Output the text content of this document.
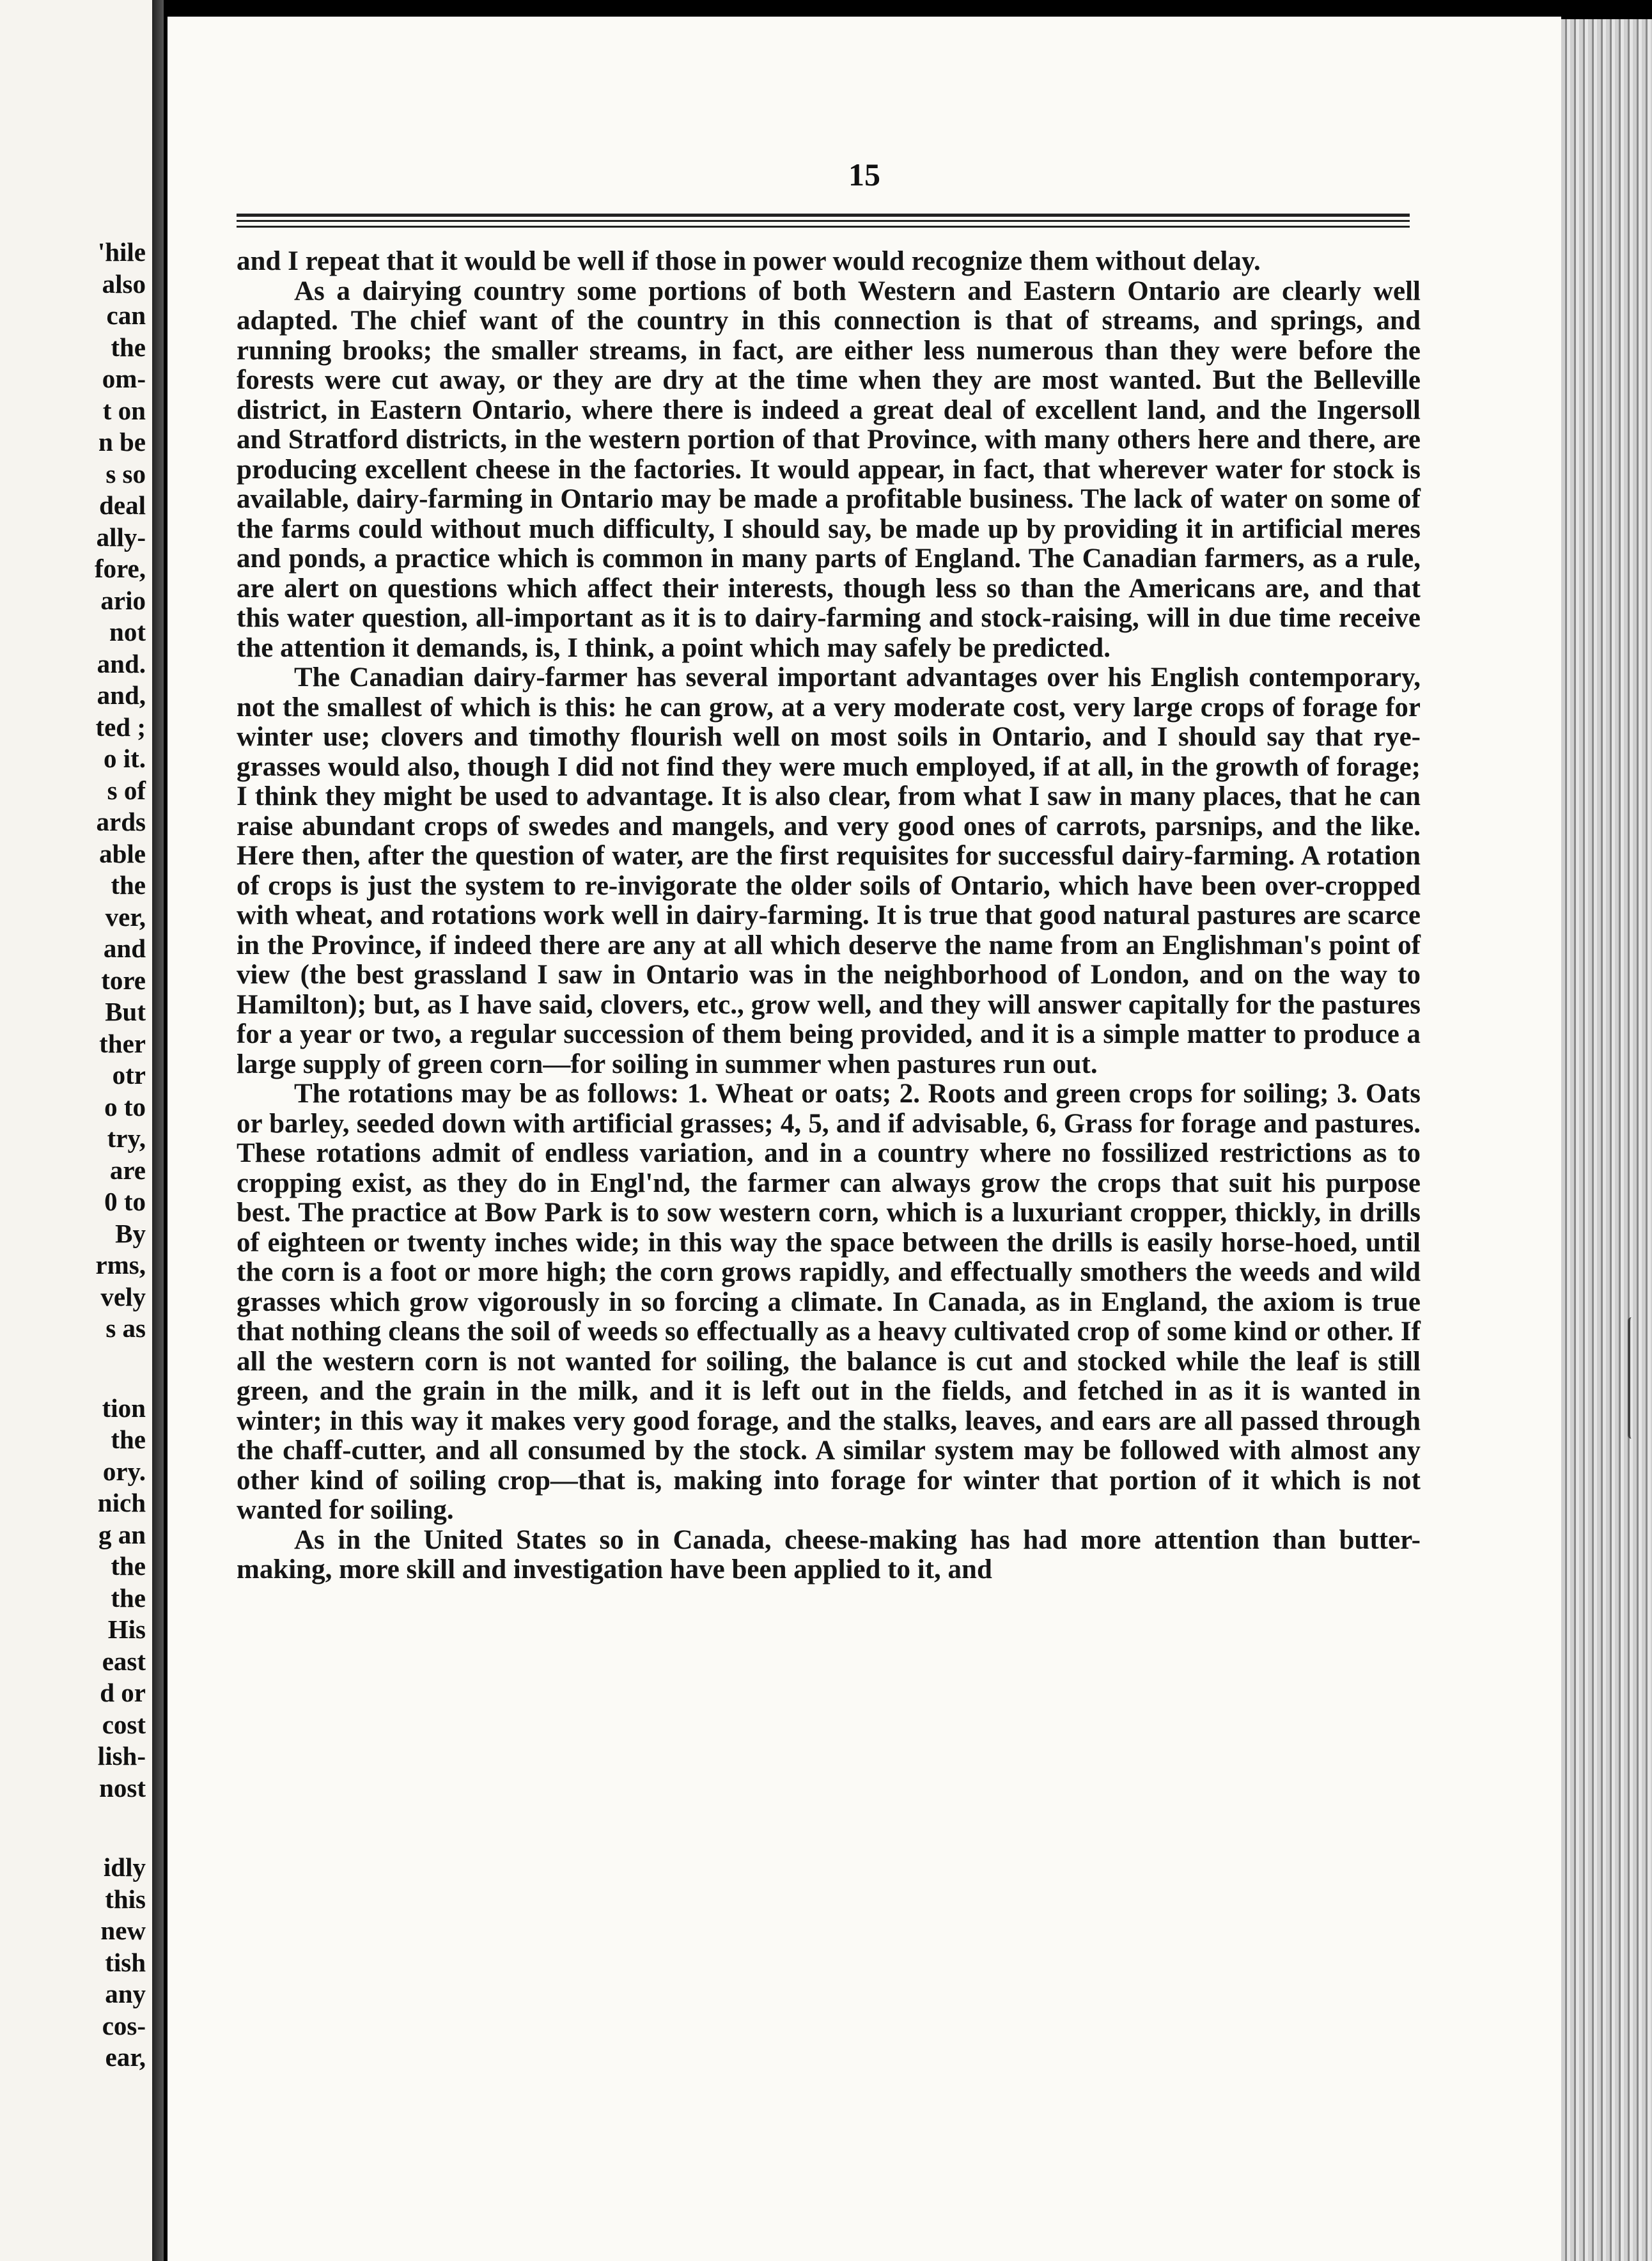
'hile
also
can
the
om-
t on
n be
s so
deal
ally-
fore,
ario
not
and.
and,
ted ;
o it.
s of
ards
able
the
ver,
and
tore
But
ther
otr
o to
try,
are
0 to
By
rms,
vely
s as
tion
the
ory.
nich
g an
the
the
His
east
d or
cost
lish-
nost
idly
this
new
tish
any
cos-
ear,
15

and I repeat that it would be well if those in power would recognize them without delay.

As a dairying country some portions of both Western and Eastern Ontario are clearly well adapted. The chief want of the country in this connection is that of streams, and springs, and running brooks; the smaller streams, in fact, are either less numerous than they were before the forests were cut away, or they are dry at the time when they are most wanted. But the Belleville district, in Eastern Ontario, where there is indeed a great deal of excellent land, and the Ingersoll and Stratford districts, in the western portion of that Province, with many others here and there, are producing excellent cheese in the factories. It would appear, in fact, that wherever water for stock is available, dairy-farming in Ontario may be made a profitable business. The lack of water on some of the farms could without much difficulty, I should say, be made up by providing it in artificial meres and ponds, a practice which is common in many parts of England. The Canadian farmers, as a rule, are alert on questions which affect their interests, though less so than the Americans are, and that this water question, all-important as it is to dairy-farming and stock-raising, will in due time receive the attention it demands, is, I think, a point which may safely be predicted.

The Canadian dairy-farmer has several important advantages over his English contemporary, not the smallest of which is this: he can grow, at a very moderate cost, very large crops of forage for winter use; clovers and timothy flourish well on most soils in Ontario, and I should say that rye-grasses would also, though I did not find they were much employed, if at all, in the growth of forage; I think they might be used to advantage. It is also clear, from what I saw in many places, that he can raise abundant crops of swedes and mangels, and very good ones of carrots, parsnips, and the like. Here then, after the question of water, are the first requisites for successful dairy-farming. A rotation of crops is just the system to re-invigorate the older soils of Ontario, which have been over-cropped with wheat, and rotations work well in dairy-farming. It is true that good natural pastures are scarce in the Province, if indeed there are any at all which deserve the name from an Englishman's point of view (the best grassland I saw in Ontario was in the neighborhood of London, and on the way to Hamilton); but, as I have said, clovers, etc., grow well, and they will answer capitally for the pastures for a year or two, a regular succession of them being provided, and it is a simple matter to produce a large supply of green corn—for soiling in summer when pastures run out.

The rotations may be as follows: 1. Wheat or oats; 2. Roots and green crops for soiling; 3. Oats or barley, seeded down with artificial grasses; 4, 5, and if advisable, 6, Grass for forage and pastures. These rotations admit of endless variation, and in a country where no fossilized restrictions as to cropping exist, as they do in Engl'nd, the farmer can always grow the crops that suit his purpose best. The practice at Bow Park is to sow western corn, which is a luxuriant cropper, thickly, in drills of eighteen or twenty inches wide; in this way the space between the drills is easily horse-hoed, until the corn is a foot or more high; the corn grows rapidly, and effectually smothers the weeds and wild grasses which grow vigorously in so forcing a climate. In Canada, as in England, the axiom is true that nothing cleans the soil of weeds so effectually as a heavy cultivated crop of some kind or other. If all the western corn is not wanted for soiling, the balance is cut and stocked while the leaf is still green, and the grain in the milk, and it is left out in the fields, and fetched in as it is wanted in winter; in this way it makes very good forage, and the stalks, leaves, and ears are all passed through the chaff-cutter, and all consumed by the stock. A similar system may be followed with almost any other kind of soiling crop—that is, making into forage for winter that portion of it which is not wanted for soiling.

As in the United States so in Canada, cheese-making has had more attention than butter-making, more skill and investigation have been applied to it, and
